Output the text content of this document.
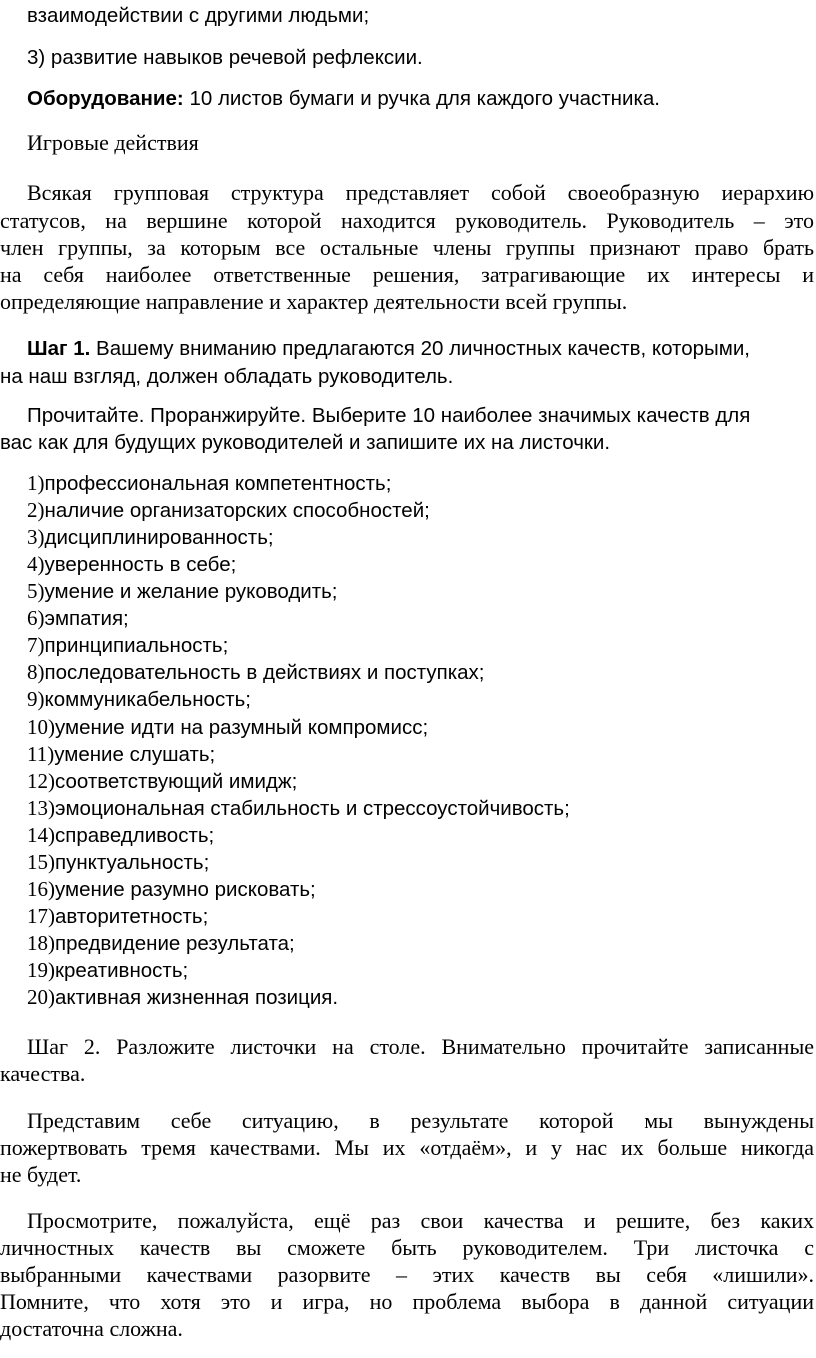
взаимодействии с другими людьми;
3) развитие навыков речевой рефлексии.
Оборудование: 10 листов бумаги и ручка для каждого участника.
Игровые действия
Всякая групповая структура представляет собой своеобразную иерархию
статусов, на вершине которой находится руководитель. Руководитель – это
член группы, за которым все остальные члены группы признают право брать
на себя наиболее ответственные решения, затрагивающие их интересы и
определяющие направление и характер деятельности всей группы.
Шаг 1. Вашему вниманию предлагаются 20 личностных качеств, которыми,
на наш взгляд, должен обладать руководитель.
Прочитайте. Проранжируйте. Выберите 10 наиболее значимых качеств для
вас как для будущих руководителей и запишите их на листочки.
1)профессиональная компетентность;
2)наличие организаторских способностей;
3)дисциплинированность;
4)уверенность в себе;
5)умение и желание руководить;
6)эмпатия;
7)принципиальность;
8)последовательность в действиях и поступках;
9)коммуникабельность;
10)умение идти на разумный компромисс;
11)умение слушать;
12)соответствующий имидж;
13)эмоциональная стабильность и стрессоустойчивость;
14)справедливость;
15)пунктуальность;
16)умение разумно рисковать;
17)авторитетность;
18)предвидение результата;
19)креативность;
20)активная жизненная позиция.
Шаг 2. Разложите листочки на столе. Внимательно прочитайте записанные
качества.
Представим себе ситуацию, в результате которой мы вынуждены
пожертвовать тремя качествами. Мы их «отдаём», и у нас их больше никогда
не будет.
Просмотрите, пожалуйста, ещё раз свои качества и решите, без каких
личностных качеств вы сможете быть руководителем. Три листочка с
выбранными качествами разорвите – этих качеств вы себя «лишили».
Помните, что хотя это и игра, но проблема выбора в данной ситуации
достаточна сложна.
